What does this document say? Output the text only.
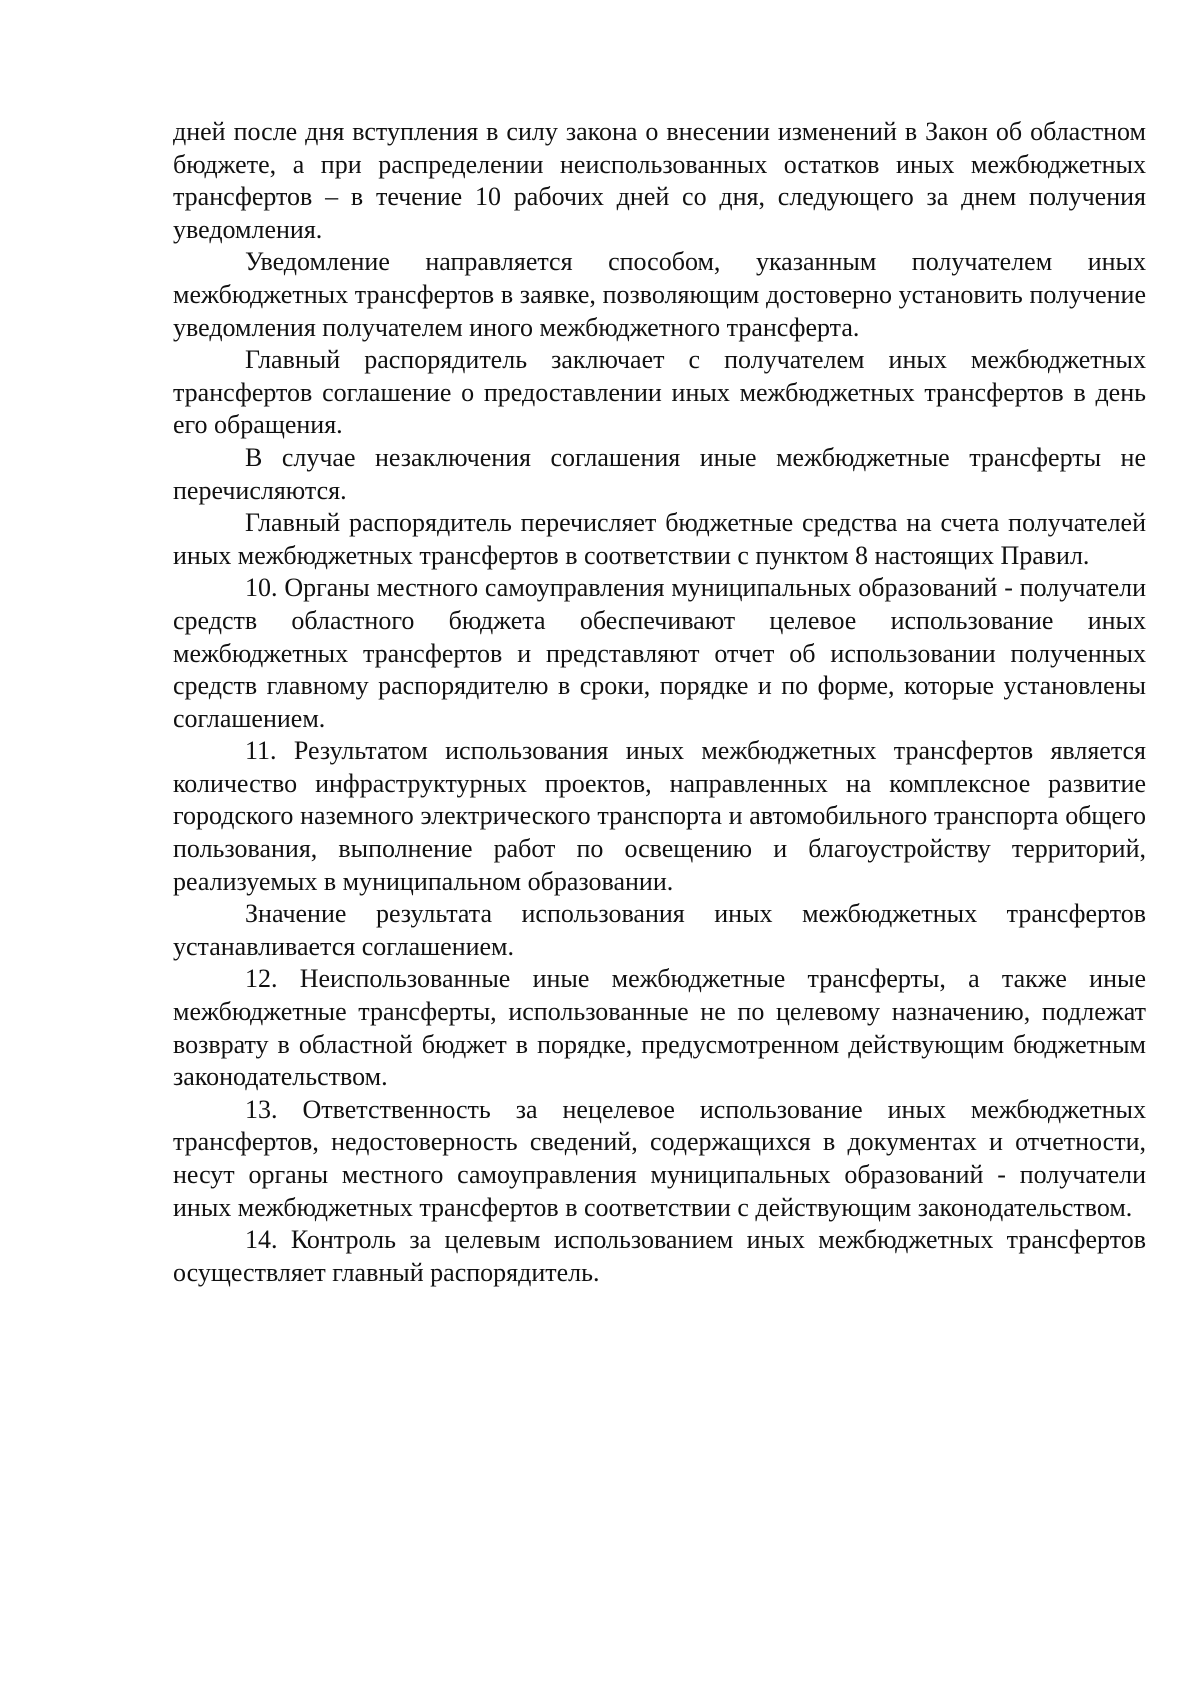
дней после дня вступления в силу закона о внесении изменений в Закон об областном бюджете, а при распределении неиспользованных остатков иных межбюджетных трансфертов – в течение 10 рабочих дней со дня, следующего за днем получения уведомления.

Уведомление направляется способом, указанным получателем иных межбюджетных трансфертов в заявке, позволяющим достоверно установить получение уведомления получателем иного межбюджетного трансферта.

Главный распорядитель заключает с получателем иных межбюджетных трансфертов соглашение о предоставлении иных межбюджетных трансфертов в день его обращения.

В случае незаключения соглашения иные межбюджетные трансферты не перечисляются.

Главный распорядитель перечисляет бюджетные средства на счета получателей иных межбюджетных трансфертов в соответствии с пунктом 8 настоящих Правил.

10. Органы местного самоуправления муниципальных образований - получатели средств областного бюджета обеспечивают целевое использование иных межбюджетных трансфертов и представляют отчет об использовании полученных средств главному распорядителю в сроки, порядке и по форме, которые установлены соглашением.

11. Результатом использования иных межбюджетных трансфертов является количество инфраструктурных проектов, направленных на комплексное развитие городского наземного электрического транспорта и автомобильного транспорта общего пользования, выполнение работ по освещению и благоустройству территорий, реализуемых в муниципальном образовании.

Значение результата использования иных межбюджетных трансфертов устанавливается соглашением.

12. Неиспользованные иные межбюджетные трансферты, а также иные межбюджетные трансферты, использованные не по целевому назначению, подлежат возврату в областной бюджет в порядке, предусмотренном действующим бюджетным законодательством.

13. Ответственность за нецелевое использование иных межбюджетных трансфертов, недостоверность сведений, содержащихся в документах и отчетности, несут органы местного самоуправления муниципальных образований - получатели иных межбюджетных трансфертов в соответствии с действующим законодательством.

14. Контроль за целевым использованием иных межбюджетных трансфертов осуществляет главный распорядитель.
